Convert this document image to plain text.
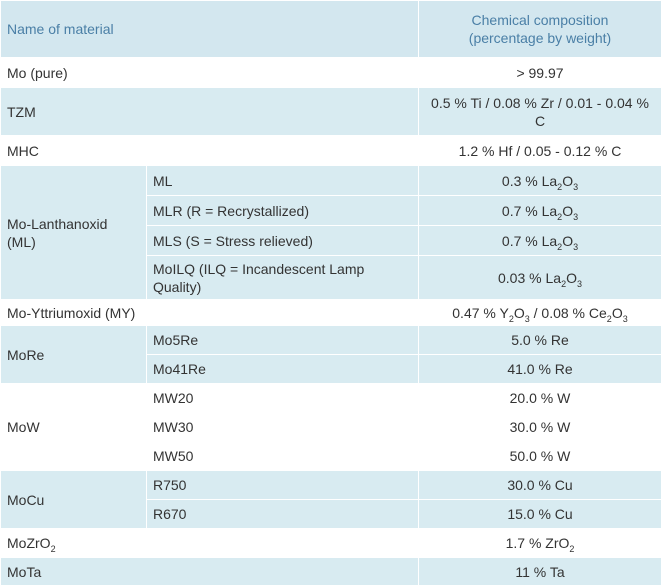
Name of material		Chemical composition
(percentage by weight)
Mo (pure)		> 99.97
TZM		0.5 % Ti / 0.08 % Zr / 0.01 - 0.04 % C
MHC		1.2 % Hf / 0.05 - 0.12 % C
Mo-Lanthanoxid (ML)	ML	0.3 % $La_2O_3$
	MLR (R = Recrystallized)	0.7 % $La_2O_3$
	MLS (S = Stress relieved)	0.7 % $La_2O_3$
	MoILQ (ILQ = Incandescent Lamp Quality)	0.03 % $La_2O_3$
Mo-Yttriumoxid (MY)		0.47 % $Y_2O_3 / 0.08$ % $Ce_2O_3$
MoRe	Mo5Re	5.0 % Re
	Mo41Re	41.0 % Re
MoW	MW20	20.0 % W
	MW30	30.0 % W
	MW50	50.0 % W
MoCu	R750	30.0 % Cu
	R670	15.0 % Cu
MoZrO$_2$		1.7 % ZrO$_2$
MoTa		11 % Ta
